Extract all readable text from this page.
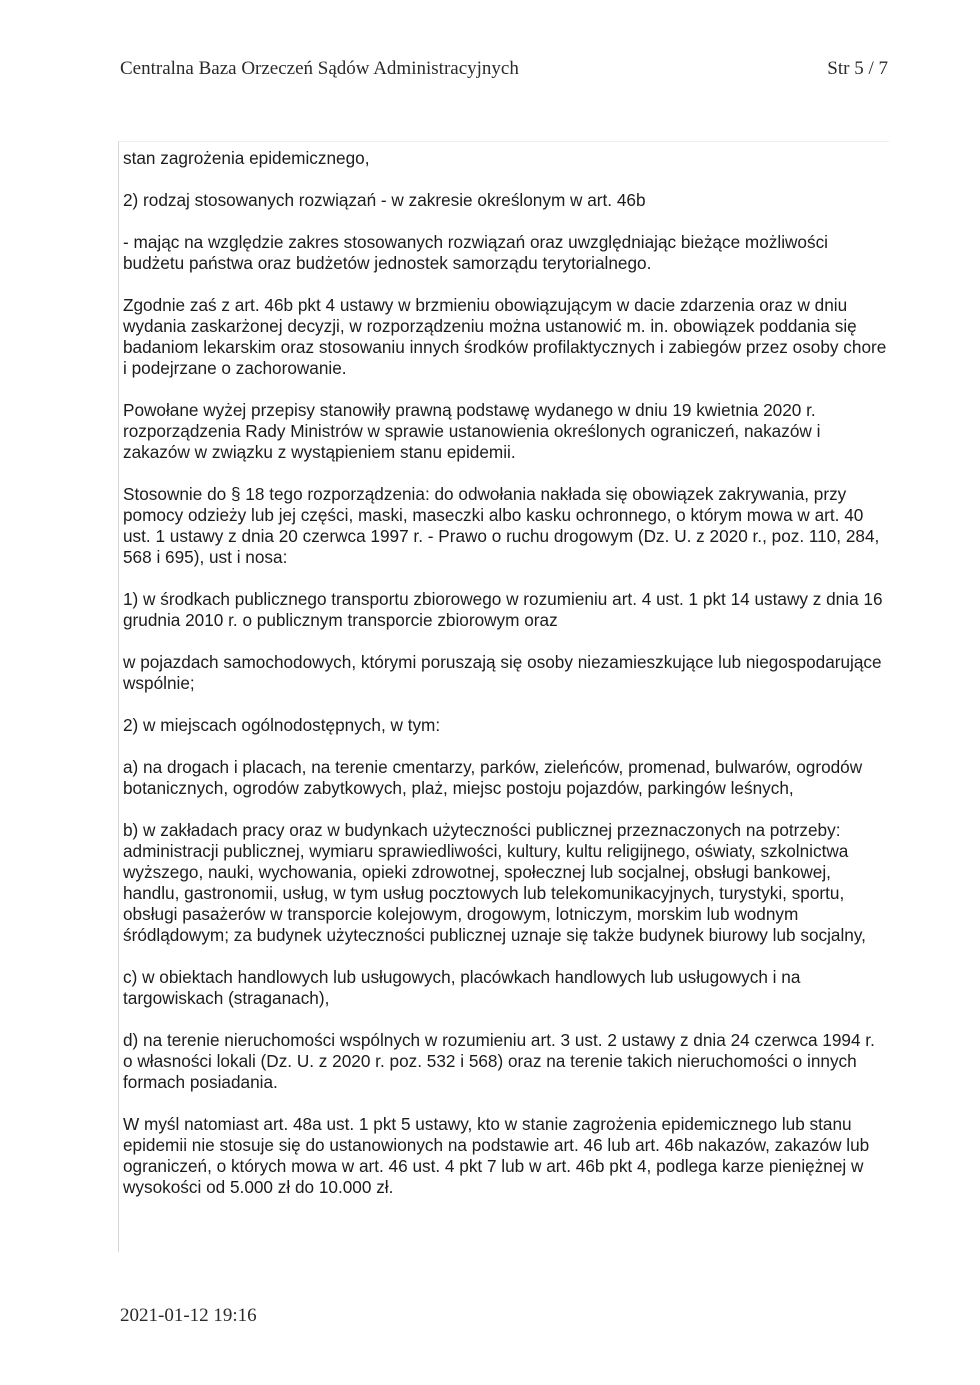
Centralna Baza Orzeczeń Sądów Administracyjnych	Str 5 / 7

stan zagrożenia epidemicznego,

2) rodzaj stosowanych rozwiązań - w zakresie określonym w art. 46b

- mając na względzie zakres stosowanych rozwiązań oraz uwzględniając bieżące możliwości budżetu państwa oraz budżetów jednostek samorządu terytorialnego.

Zgodnie zaś z art. 46b pkt 4 ustawy w brzmieniu obowiązującym w dacie zdarzenia oraz w dniu wydania zaskarżonej decyzji, w rozporządzeniu można ustanowić m. in. obowiązek poddania się badaniom lekarskim oraz stosowaniu innych środków profilaktycznych i zabiegów przez osoby chore i podejrzane o zachorowanie.

Powołane wyżej przepisy stanowiły prawną podstawę wydanego w dniu 19 kwietnia 2020 r. rozporządzenia Rady Ministrów w sprawie ustanowienia określonych ograniczeń, nakazów i zakazów w związku z wystąpieniem stanu epidemii.

Stosownie do § 18 tego rozporządzenia: do odwołania nakłada się obowiązek zakrywania, przy pomocy odzieży lub jej części, maski, maseczki albo kasku ochronnego, o którym mowa w art. 40 ust. 1 ustawy z dnia 20 czerwca 1997 r. - Prawo o ruchu drogowym (Dz. U. z 2020 r., poz. 110, 284, 568 i 695), ust i nosa:

1) w środkach publicznego transportu zbiorowego w rozumieniu art. 4 ust. 1 pkt 14 ustawy z dnia 16 grudnia 2010 r. o publicznym transporcie zbiorowym oraz

w pojazdach samochodowych, którymi poruszają się osoby niezamieszkujące lub niegospodarujące wspólnie;

2) w miejscach ogólnodostępnych, w tym:

a) na drogach i placach, na terenie cmentarzy, parków, zieleńców, promenad, bulwarów, ogrodów botanicznych, ogrodów zabytkowych, plaż, miejsc postoju pojazdów, parkingów leśnych,

b) w zakładach pracy oraz w budynkach użyteczności publicznej przeznaczonych na potrzeby: administracji publicznej, wymiaru sprawiedliwości, kultury, kultu religijnego, oświaty, szkolnictwa wyższego, nauki, wychowania, opieki zdrowotnej, społecznej lub socjalnej, obsługi bankowej, handlu, gastronomii, usług, w tym usług pocztowych lub telekomunikacyjnych, turystyki, sportu, obsługi pasażerów w transporcie kolejowym, drogowym, lotniczym, morskim lub wodnym śródlądowym; za budynek użyteczności publicznej uznaje się także budynek biurowy lub socjalny,

c) w obiektach handlowych lub usługowych, placówkach handlowych lub usługowych i na targowiskach (straganach),

d) na terenie nieruchomości wspólnych w rozumieniu art. 3 ust. 2 ustawy z dnia 24 czerwca 1994 r. o własności lokali (Dz. U. z 2020 r. poz. 532 i 568) oraz na terenie takich nieruchomości o innych formach posiadania.

W myśl natomiast art. 48a ust. 1 pkt 5 ustawy, kto w stanie zagrożenia epidemicznego lub stanu epidemii nie stosuje się do ustanowionych na podstawie art. 46 lub art. 46b nakazów, zakazów lub ograniczeń, o których mowa w art. 46 ust. 4 pkt 7 lub w art. 46b pkt 4, podlega karze pieniężnej w wysokości od 5.000 zł do 10.000 zł.

2021-01-12 19:16
